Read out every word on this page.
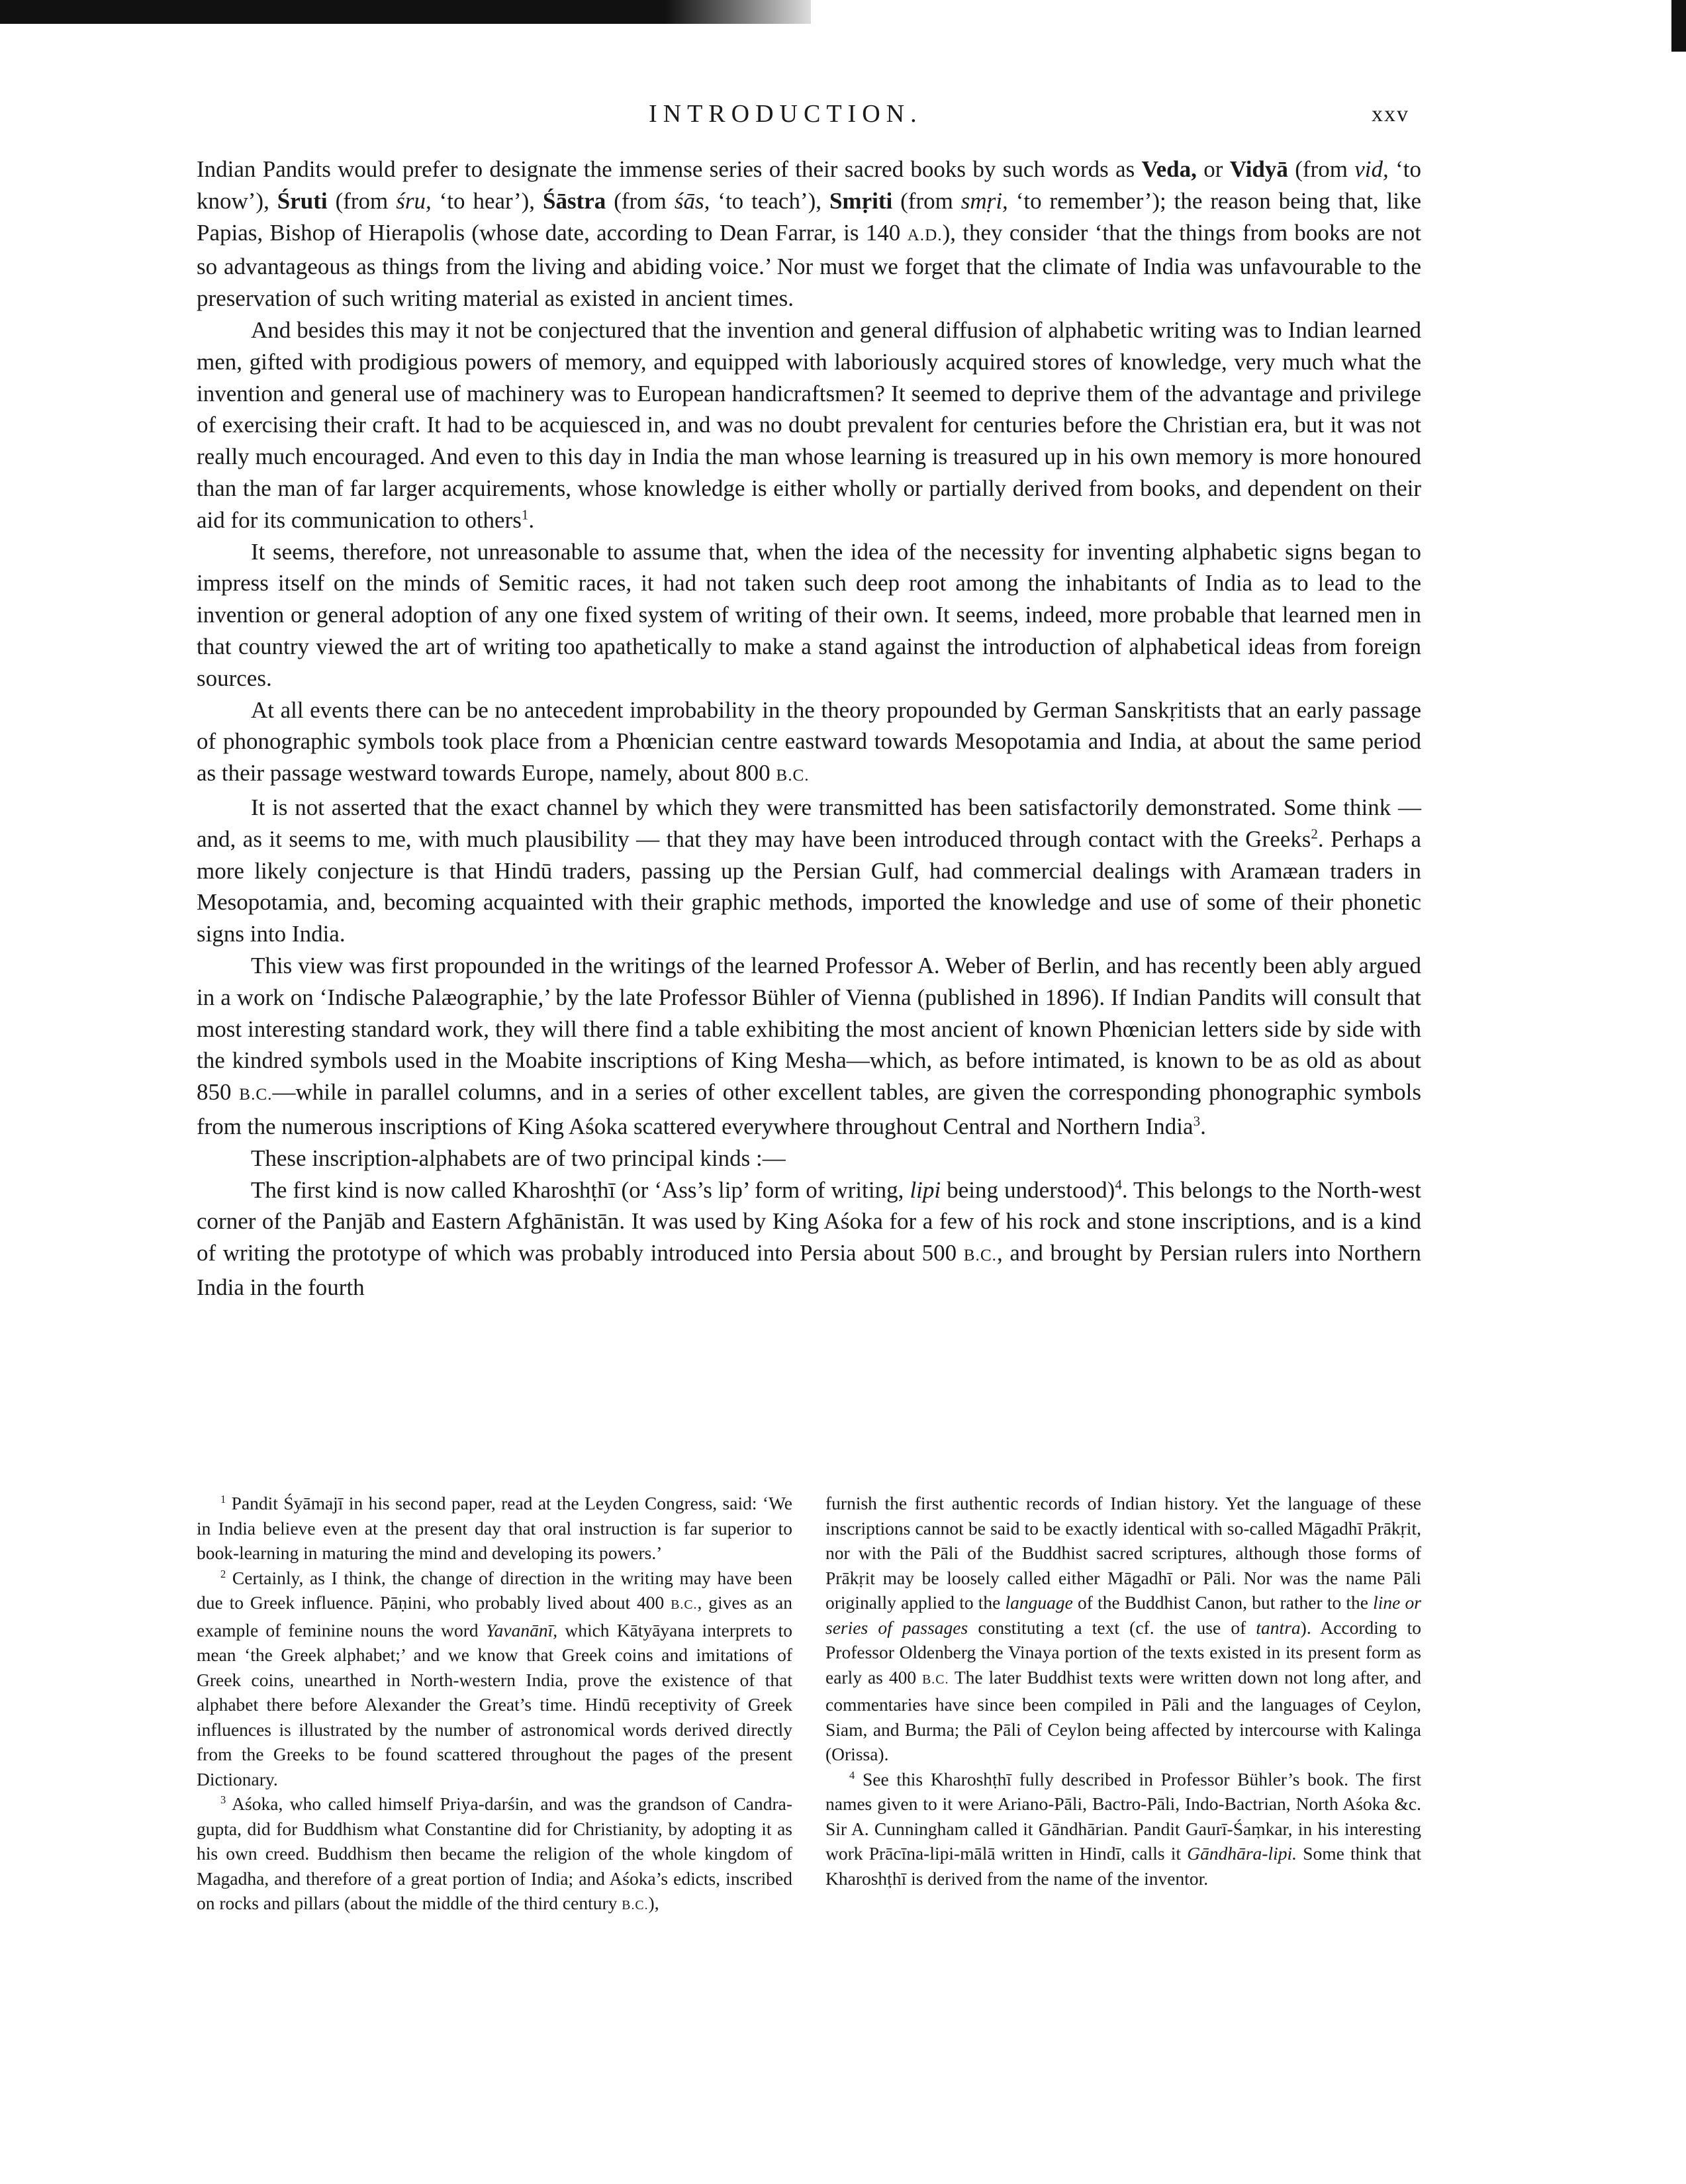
INTRODUCTION.	xxv

Indian Pandits would prefer to designate the immense series of their sacred books by such words as Veda, or Vidyā (from vid, ‘to know’), Śruti (from śru, ‘to hear’), Śāstra (from śās, ‘to teach’), Smṛiti (from smṛi, ‘to remember’); the reason being that, like Papias, Bishop of Hierapolis (whose date, according to Dean Farrar, is 140 A.D.), they consider ‘that the things from books are not so advantageous as things from the living and abiding voice.’ Nor must we forget that the climate of India was unfavourable to the preservation of such writing material as existed in ancient times.

And besides this may it not be conjectured that the invention and general diffusion of alphabetic writing was to Indian learned men, gifted with prodigious powers of memory, and equipped with laboriously acquired stores of knowledge, very much what the invention and general use of machinery was to European handicraftsmen? It seemed to deprive them of the advantage and privilege of exercising their craft. It had to be acquiesced in, and was no doubt prevalent for centuries before the Christian era, but it was not really much encouraged. And even to this day in India the man whose learning is treasured up in his own memory is more honoured than the man of far larger acquirements, whose knowledge is either wholly or partially derived from books, and dependent on their aid for its communication to others$^1$.

It seems, therefore, not unreasonable to assume that, when the idea of the necessity for inventing alphabetic signs began to impress itself on the minds of Semitic races, it had not taken such deep root among the inhabitants of India as to lead to the invention or general adoption of any one fixed system of writing of their own. It seems, indeed, more probable that learned men in that country viewed the art of writing too apathetically to make a stand against the introduction of alphabetical ideas from foreign sources.

At all events there can be no antecedent improbability in the theory propounded by German Sanskṛitists that an early passage of phonographic symbols took place from a Phœnician centre eastward towards Mesopotamia and India, at about the same period as their passage westward towards Europe, namely, about 800 B.C.

It is not asserted that the exact channel by which they were transmitted has been satisfactorily demonstrated. Some think — and, as it seems to me, with much plausibility — that they may have been introduced through contact with the Greeks$^2$. Perhaps a more likely conjecture is that Hindū traders, passing up the Persian Gulf, had commercial dealings with Aramæan traders in Mesopotamia, and, becoming acquainted with their graphic methods, imported the knowledge and use of some of their phonetic signs into India.

This view was first propounded in the writings of the learned Professor A. Weber of Berlin, and has recently been ably argued in a work on ‘Indische Palæographie,’ by the late Professor Bühler of Vienna (published in 1896). If Indian Pandits will consult that most interesting standard work, they will there find a table exhibiting the most ancient of known Phœnician letters side by side with the kindred symbols used in the Moabite inscriptions of King Mesha—which, as before intimated, is known to be as old as about 850 B.C.—while in parallel columns, and in a series of other excellent tables, are given the corresponding phonographic symbols from the numerous inscriptions of King Aśoka scattered everywhere throughout Central and Northern India$^3$.

These inscription-alphabets are of two principal kinds :—

The first kind is now called Kharoshṭhī (or ‘Ass’s lip’ form of writing, lipi being understood)$^4$. This belongs to the North-west corner of the Panjāb and Eastern Afghānistān. It was used by King Aśoka for a few of his rock and stone inscriptions, and is a kind of writing the prototype of which was probably introduced into Persia about 500 B.C., and brought by Persian rulers into Northern India in the fourth

$^1$ Pandit Śyāmajī in his second paper, read at the Leyden Congress, said: ‘We in India believe even at the present day that oral instruction is far superior to book-learning in maturing the mind and developing its powers.’

$^2$ Certainly, as I think, the change of direction in the writing may have been due to Greek influence. Pāṇini, who probably lived about 400 B.C., gives as an example of feminine nouns the word Yavanānī, which Kātyāyana interprets to mean ‘the Greek alphabet;’ and we know that Greek coins and imitations of Greek coins, unearthed in North-western India, prove the existence of that alphabet there before Alexander the Great’s time. Hindū receptivity of Greek influences is illustrated by the number of astronomical words derived directly from the Greeks to be found scattered throughout the pages of the present Dictionary.

$^3$ Aśoka, who called himself Priya-darśin, and was the grandson of Candra-gupta, did for Buddhism what Constantine did for Christianity, by adopting it as his own creed. Buddhism then became the religion of the whole kingdom of Magadha, and therefore of a great portion of India; and Aśoka’s edicts, inscribed on rocks and pillars (about the middle of the third century B.C.),

furnish the first authentic records of Indian history. Yet the language of these inscriptions cannot be said to be exactly identical with so-called Māgadhī Prākṛit, nor with the Pāli of the Buddhist sacred scriptures, although those forms of Prākṛit may be loosely called either Māgadhī or Pāli. Nor was the name Pāli originally applied to the language of the Buddhist Canon, but rather to the line or series of passages constituting a text (cf. the use of tantra). According to Professor Oldenberg the Vinaya portion of the texts existed in its present form as early as 400 B.C. The later Buddhist texts were written down not long after, and commentaries have since been compiled in Pāli and the languages of Ceylon, Siam, and Burma; the Pāli of Ceylon being affected by intercourse with Kalinga (Orissa).

$^4$ See this Kharoshṭhī fully described in Professor Bühler’s book. The first names given to it were Ariano-Pāli, Bactro-Pāli, Indo-Bactrian, North Aśoka &c. Sir A. Cunningham called it Gāndhārian. Pandit Gaurī-Śaṃkar, in his interesting work Prācīna-lipi-mālā written in Hindī, calls it Gāndhāra-lipi. Some think that Kharoshṭhī is derived from the name of the inventor.
